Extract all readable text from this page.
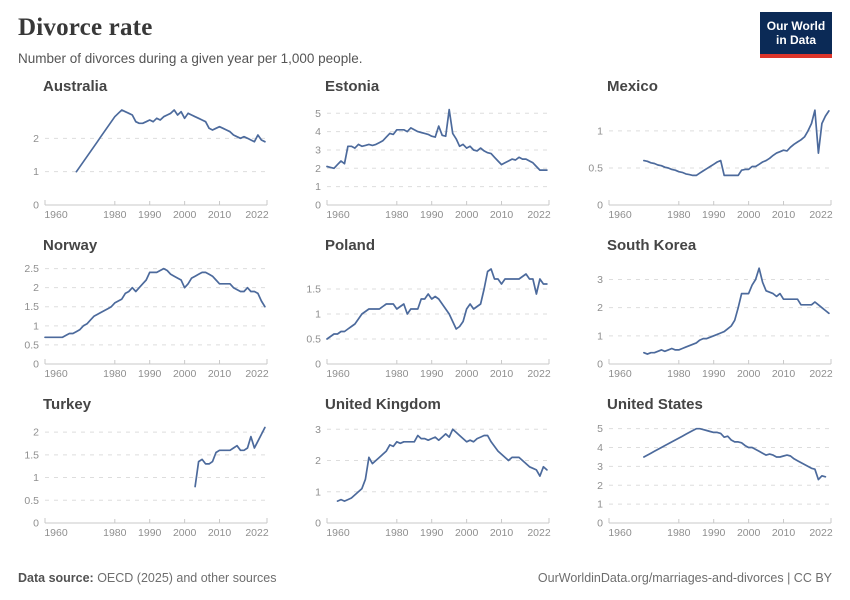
Divorce rate

Number of divorces during a given year per 1,000 people.

Our World
in Data
Australia
0
1
2
1960	1980 1990 2000 2010 2022
Estonia
0
1
2
3
4
5
1960	1980 1990 2000 2010 2022
Mexico
0
0.5
1
1960	1980 1990 2000 2010 2022
Norway
0
0.5
1
1.5
2
2.5
1960	1980 1990 2000 2010 2022
Poland
0
0.5
1
1.5
1960	1980 1990 2000 2010 2022
South Korea
0
1
2
3
1960	1980 1990 2000 2010 2022
Turkey
0
0.5
1
1.5
2
1960	1980 1990 2000 2010 2022
United Kingdom
0
1
2
3
1960	1980 1990 2000 2010 2022
United States
0
1
2
3
4
5
1960	1980 1990 2000 2010 2022
Data source: OECD (2025) and other sources	OurWorldinData.org/marriages-and-divorces | CC BY
